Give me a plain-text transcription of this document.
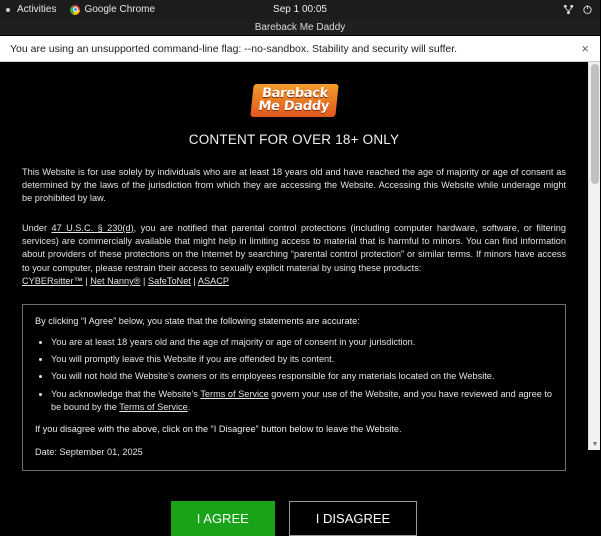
Activities	Google Chrome	Sep 1 00:05
Bareback Me Daddy
You are using an unsupported command-line flag: --no-sandbox. Stability and security will suffer.	×
Bareback
Me Daddy
CONTENT FOR OVER 18+ ONLY

This Website is for use solely by individuals who are at least 18 years old and have reached the age of majority or age of consent as determined by the laws of the jurisdiction from which they are accessing the Website. Accessing this Website while underage might be prohibited by law.

Under 47 U.S.C. § 230(d), you are notified that parental control protections (including computer hardware, software, or filtering services) are commercially available that might help in limiting access to material that is harmful to minors. You can find information about providers of these protections on the Internet by searching “parental control protection” or similar terms. If minors have access to your computer, please restrain their access to sexually explicit material by using these products:
CYBERsitter™ | Net Nanny® | SafeToNet | ASACP

By clicking “I Agree” below, you state that the following statements are accurate:
• You are at least 18 years old and the age of majority or age of consent in your jurisdiction.
• You will promptly leave this Website if you are offended by its content.
• You will not hold the Website’s owners or its employees responsible for any materials located on the Website.
• You acknowledge that the Website’s Terms of Service govern your use of the Website, and you have reviewed and agree to be bound by the Terms of Service.
If you disagree with the above, click on the “I Disagree” button below to leave the Website.
Date: September 01, 2025
I AGREE	I DISAGREE
▼
